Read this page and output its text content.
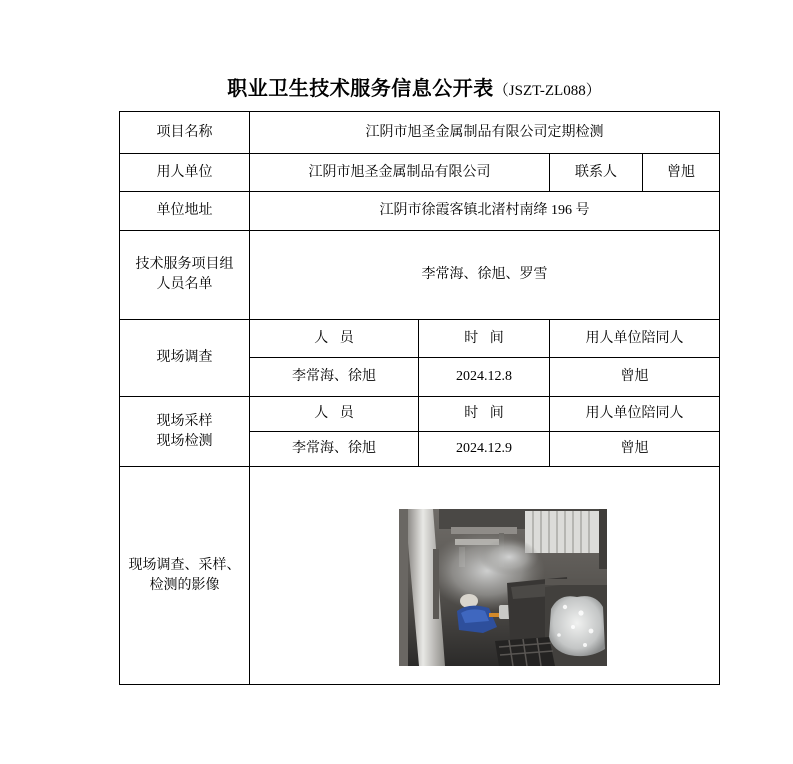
职业卫生技术服务信息公开表（JSZT-ZL088）
项目名称	江阴市旭圣金属制品有限公司定期检测			
用人单位	江阴市旭圣金属制品有限公司		联系人	曾旭
单位地址	江阴市徐霞客镇北渚村南绛 196 号			

技术服务项目组
人员名单	李常海、徐旭、罗雪			
现场调查	人 员	时 间	用人单位陪同人	
	李常海、徐旭	2024.12.8	曾旭	

现场采样
现场检测	人 员	时 间	用人单位陪同人	
	李常海、徐旭	2024.12.9	曾旭	

现场调查、采样、
检测的影像
